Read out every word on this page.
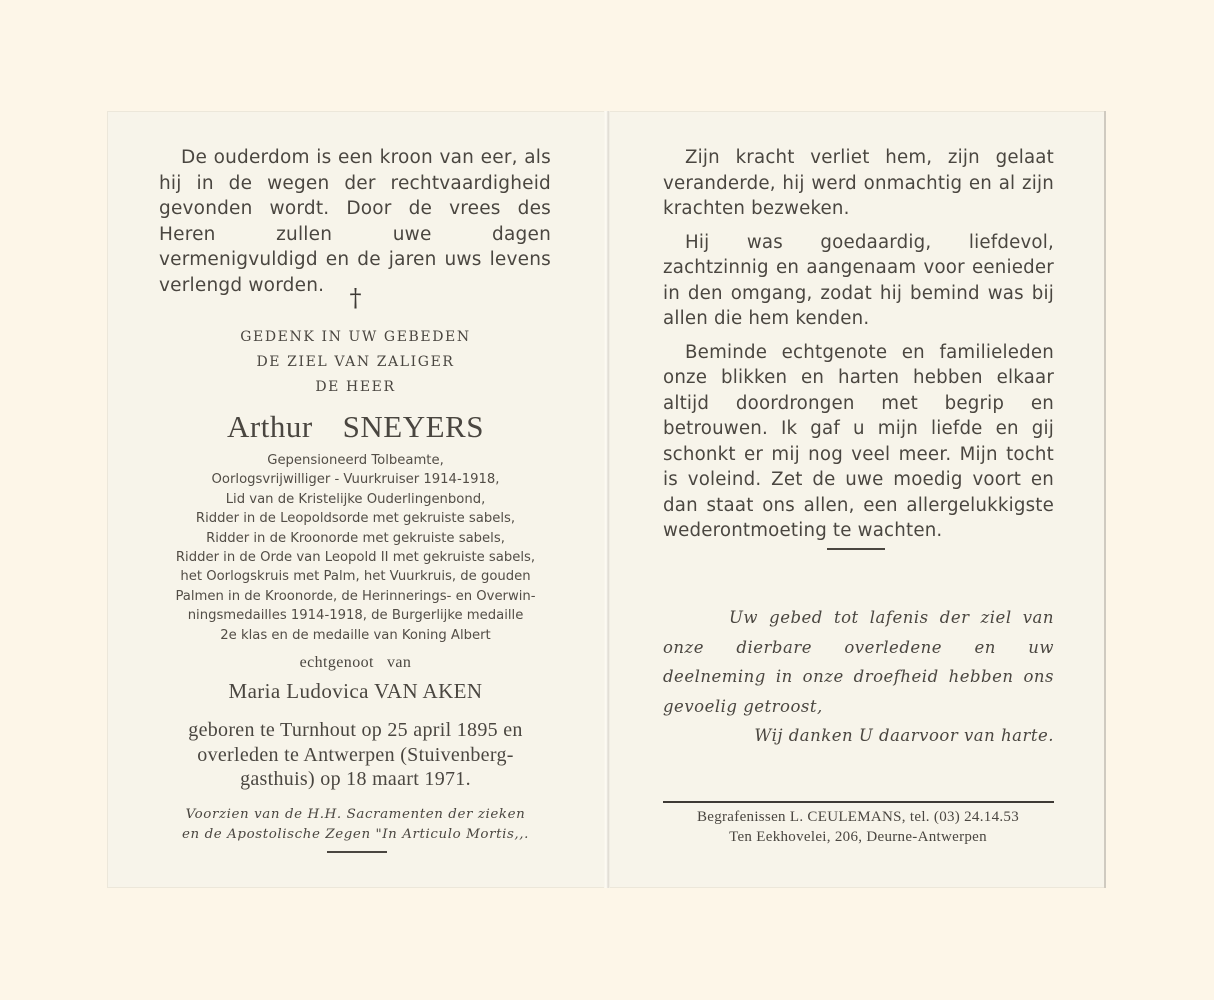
De ouderdom is een kroon van eer, als hij in de wegen der rechtvaardigheid gevonden wordt. Door de vrees des Heren zullen uwe dagen vermenigvuldigd en de jaren uws levens verlengd worden.	†
GEDENK IN UW GEBEDEN
DE ZIEL VAN ZALIGER
DE HEER
Arthur SNEYERS
Gepensioneerd Tolbeamte,
Oorlogsvrijwilliger - Vuurkruiser 1914-1918,
Lid van de Kristelijke Ouderlingenbond,
Ridder in de Leopoldsorde met gekruiste sabels,
Ridder in de Kroonorde met gekruiste sabels,
Ridder in de Orde van Leopold II met gekruiste sabels,
het Oorlogskruis met Palm, het Vuurkruis, de gouden
Palmen in de Kroonorde, de Herinnerings- en Overwin-
ningsmedailles 1914-1918, de Burgerlijke medaille
2e klas en de medaille van Koning Albert
echtgenoot   van
Maria Ludovica VAN AKEN
geboren te Turnhout op 25 april 1895 en
overleden te Antwerpen (Stuivenberg-
gasthuis) op 18 maart 1971.
Voorzien van de H.H. Sacramenten der zieken
en de Apostolische Zegen "In Articulo Mortis,,.

Zijn kracht verliet hem, zijn gelaat veranderde, hij werd onmachtig en al zijn krachten bezweken.

Hij was goedaardig, liefdevol, zachtzinnig en aangenaam voor eenieder in den omgang, zodat hij bemind was bij allen die hem kenden.

Beminde echtgenote en familieleden onze blikken en harten hebben elkaar altijd doordrongen met begrip en betrouwen. Ik gaf u mijn liefde en gij schonkt er mij nog veel meer. Mijn tocht is voleind. Zet de uwe moedig voort en dan staat ons allen, een allergelukkigste wederontmoeting te wachten.

Uw gebed tot lafenis der ziel van onze dierbare overledene en uw deelneming in onze droefheid hebben ons gevoelig getroost,

Wij danken U daarvoor van harte.

Begrafenissen L. CEULEMANS, tel. (03) 24.14.53
Ten Eekhovelei, 206, Deurne-Antwerpen
